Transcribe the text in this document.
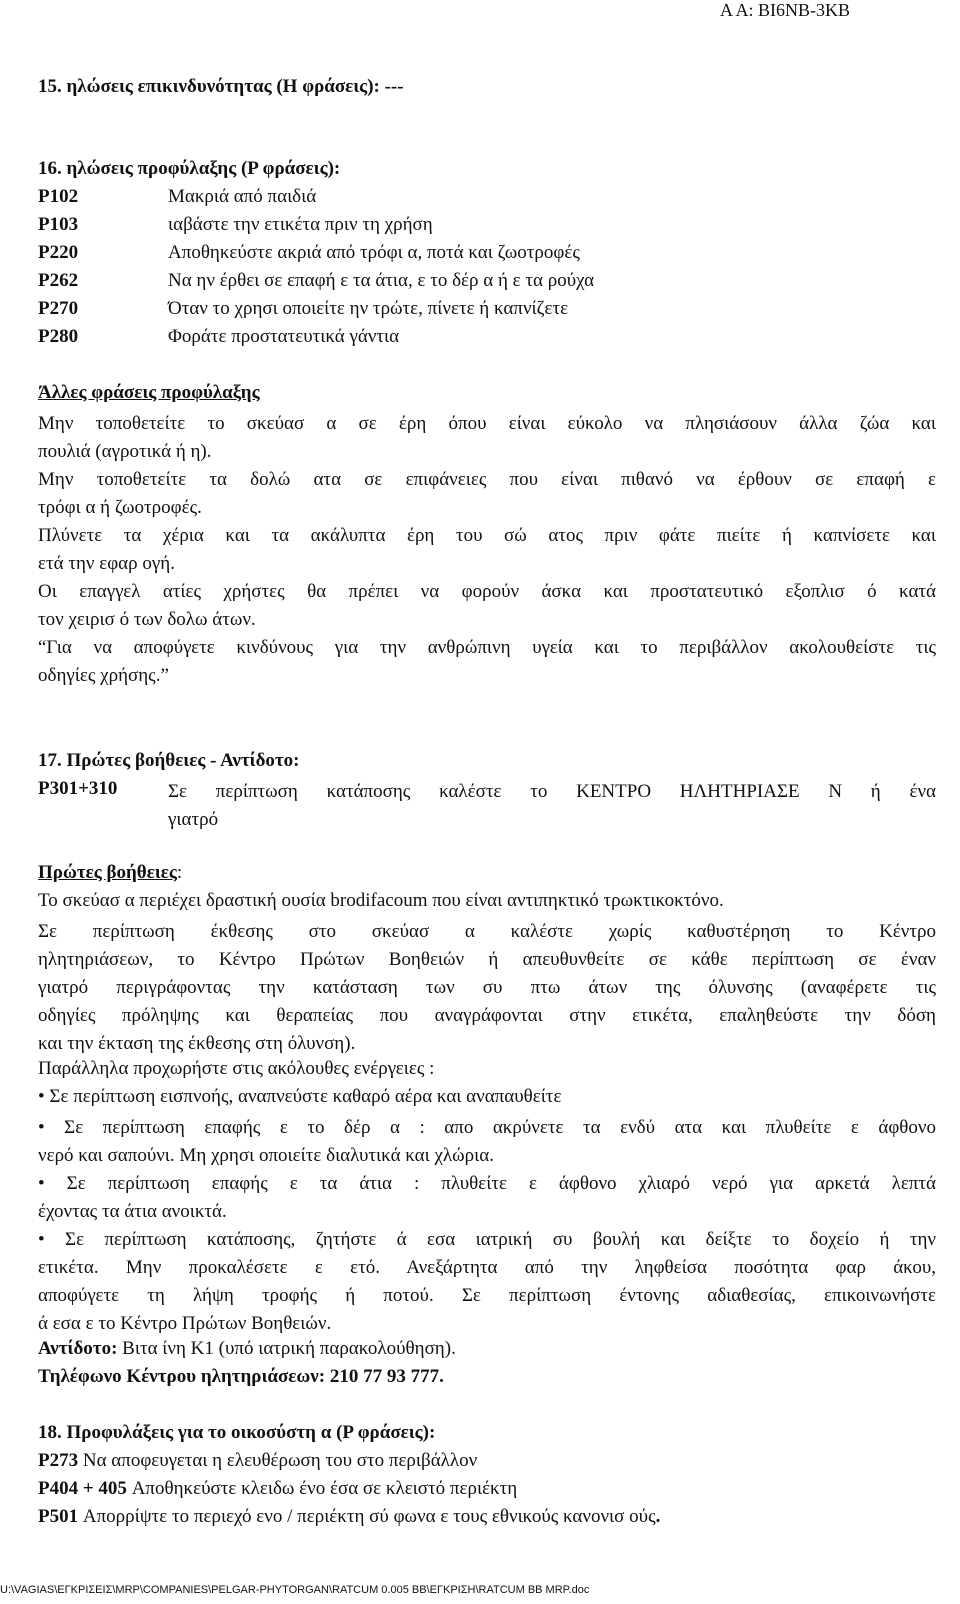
Α Α: ΒΙ6ΝΒ-3ΚΒ
15. ηλώσεις επικινδυνότητας (Η φράσεις): ---
16. ηλώσεις προφύλαξης (P φράσεις):
P102	Μακριά από παιδιά
P103	ιαβάστε την ετικέτα πριν τη χρήση
P220	Αποθηκεύστε ακριά από τρόφι α, ποτά και ζωοτροφές
P262	Να ην έρθει σε επαφή ε τα άτια, ε το δέρ α ή ε τα ρούχα
P270	Όταν το χρησι οποιείτε ην τρώτε, πίνετε ή καπνίζετε
P280	Φοράτε προστατευτικά γάντια
Άλλες φράσεις προφύλαξης
Μην τοποθετείτε το σκεύασ α σε έρη όπου είναι εύκολο να πλησιάσουν άλλα ζώα και
πουλιά (αγροτικά ή η).
Μην τοποθετείτε τα δολώ ατα σε επιφάνειες που είναι πιθανό να έρθουν σε επαφή ε
τρόφι α ή ζωοτροφές.
Πλύνετε τα χέρια και τα ακάλυπτα έρη του σώ ατος πριν φάτε πιείτε ή καπνίσετε και
ετά την εφαρ ογή.
Οι επαγγελ ατίες χρήστες θα πρέπει να φορούν άσκα και προστατευτικό εξοπλισ ό κατά
τον χειρισ ό των δολω άτων.
“Για να αποφύγετε κινδύνους για την ανθρώπινη υγεία και το περιβάλλον ακολουθείστε τις
οδηγίες χρήσης.”
17. Πρώτες βοήθειες - Αντίδοτο:
P301+310	Σε περίπτωση κατάποσης καλέστε το ΚΕΝΤΡΟ ΗΛΗΤΗΡΙΑΣΕ Ν ή ένα
γιατρό
Πρώτες βοήθειες:
Το σκεύασ α περιέχει δραστική ουσία brodifacoum που είναι αντιπηκτικό τρωκτικοκτόνο.
Σε περίπτωση έκθεσης στο σκεύασ α καλέστε χωρίς καθυστέρηση το Κέντρο
ηλητηριάσεων, το Κέντρο Πρώτων Βοηθειών ή απευθυνθείτε σε κάθε περίπτωση σε έναν
γιατρό περιγράφοντας την κατάσταση των συ πτω άτων της όλυνσης (αναφέρετε τις
οδηγίες πρόληψης και θεραπείας που αναγράφονται στην ετικέτα, επαληθεύστε την δόση
και την έκταση της έκθεσης στη όλυνση).
Παράλληλα προχωρήστε στις ακόλουθες ενέργειες :
• Σε περίπτωση εισπνοής, αναπνεύστε καθαρό αέρα και αναπαυθείτε
• Σε περίπτωση επαφής ε το δέρ α : απο ακρύνετε τα ενδύ ατα και πλυθείτε ε άφθονο
νερό και σαπούνι. Μη χρησι οποιείτε διαλυτικά και χλώρια.
• Σε περίπτωση επαφής ε τα άτια : πλυθείτε ε άφθονο χλιαρό νερό για αρκετά λεπτά
έχοντας τα άτια ανοικτά.
• Σε περίπτωση κατάποσης, ζητήστε ά εσα ιατρική συ βουλή και δείξτε το δοχείο ή την
ετικέτα. Μην προκαλέσετε ε ετό. Ανεξάρτητα από την ληφθείσα ποσότητα φαρ άκου,
αποφύγετε τη λήψη τροφής ή ποτού. Σε περίπτωση έντονης αδιαθεσίας, επικοινωνήστε
ά εσα ε το Κέντρο Πρώτων Βοηθειών.
Αντίδοτο: Βιτα ίνη Κ1 (υπό ιατρική παρακολούθηση).
Τηλέφωνο Κέντρου ηλητηριάσεων: 210 77 93 777.
18. Προφυλάξεις για το οικοσύστη α (P φράσεις):
P273 Να αποφευγεται η ελευθέρωση του στο περιβάλλον
P404 + 405 Αποθηκεύστε κλειδω ένο έσα σε κλειστό περιέκτη
P501 Απορρίψτε το περιεχό ενο / περιέκτη σύ φωνα ε τους εθνικούς κανονισ ούς.
U:\VAGIAS\ΕΓΚΡΙΣΕΙΣ\MRP\COMPANIES\PELGAR-PHYTORGAN\RATCUM 0.005 BB\ΕΓΚΡΙΣΗ\RATCUM BB MRP.doc
